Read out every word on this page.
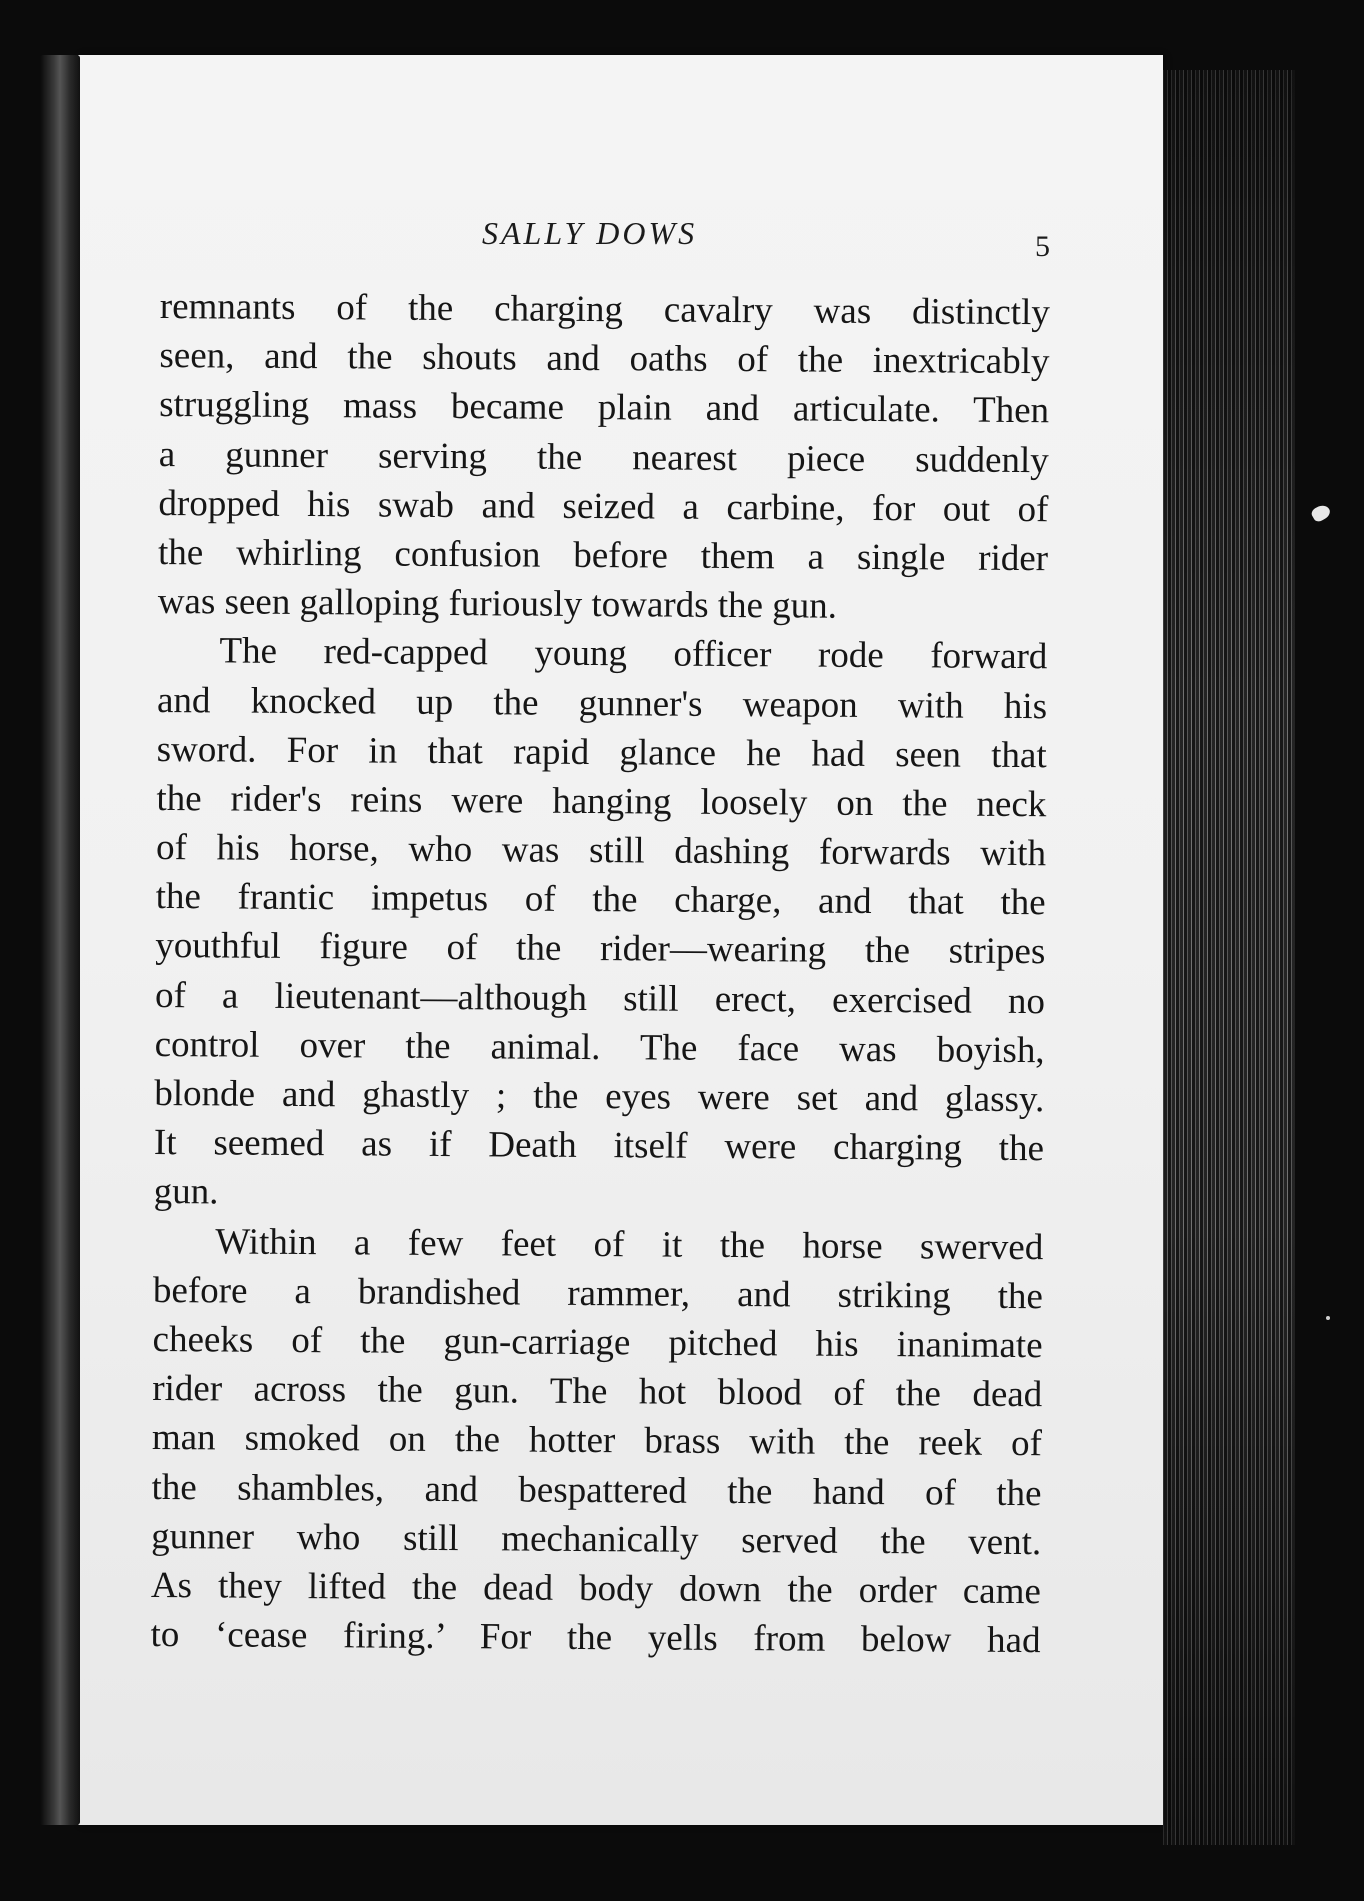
SALLY DOWS	5
remnants of the charging cavalry was distinctly
seen, and the shouts and oaths of the inextricably
struggling mass became plain and articulate. Then
a gunner serving the nearest piece suddenly
dropped his swab and seized a carbine, for out of
the whirling confusion before them a single rider
was seen galloping furiously towards the gun.
The red-capped young officer rode forward
and knocked up the gunner's weapon with his
sword. For in that rapid glance he had seen that
the rider's reins were hanging loosely on the neck
of his horse, who was still dashing forwards with
the frantic impetus of the charge, and that the
youthful figure of the rider—wearing the stripes
of a lieutenant—although still erect, exercised no
control over the animal. The face was boyish,
blonde and ghastly ; the eyes were set and glassy.
It seemed as if Death itself were charging the
gun.
Within a few feet of it the horse swerved
before a brandished rammer, and striking the
cheeks of the gun-carriage pitched his inanimate
rider across the gun. The hot blood of the dead
man smoked on the hotter brass with the reek of
the shambles, and bespattered the hand of the
gunner who still mechanically served the vent.
As they lifted the dead body down the order came
to ‘cease firing.’ For the yells from below had
